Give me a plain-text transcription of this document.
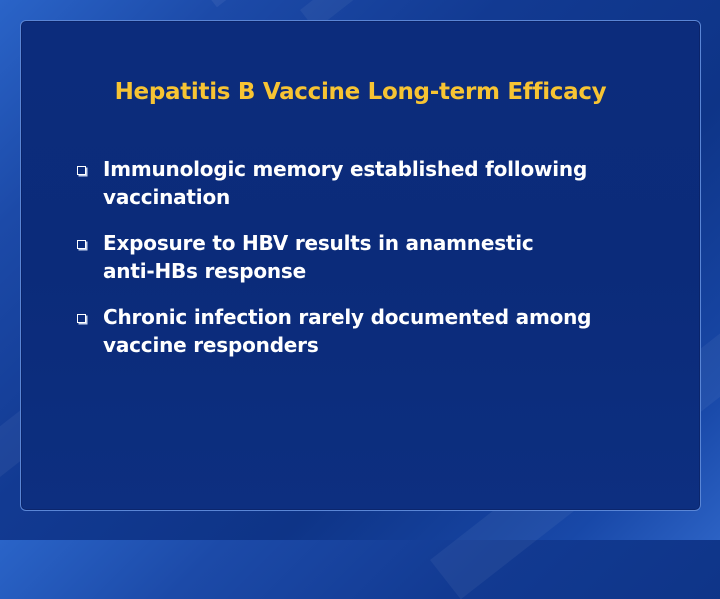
Hepatitis B Vaccine Long-term Efficacy
Immunologic memory established following
vaccination
Exposure to HBV results in anamnestic
anti-HBs response
Chronic infection rarely documented among
vaccine responders
